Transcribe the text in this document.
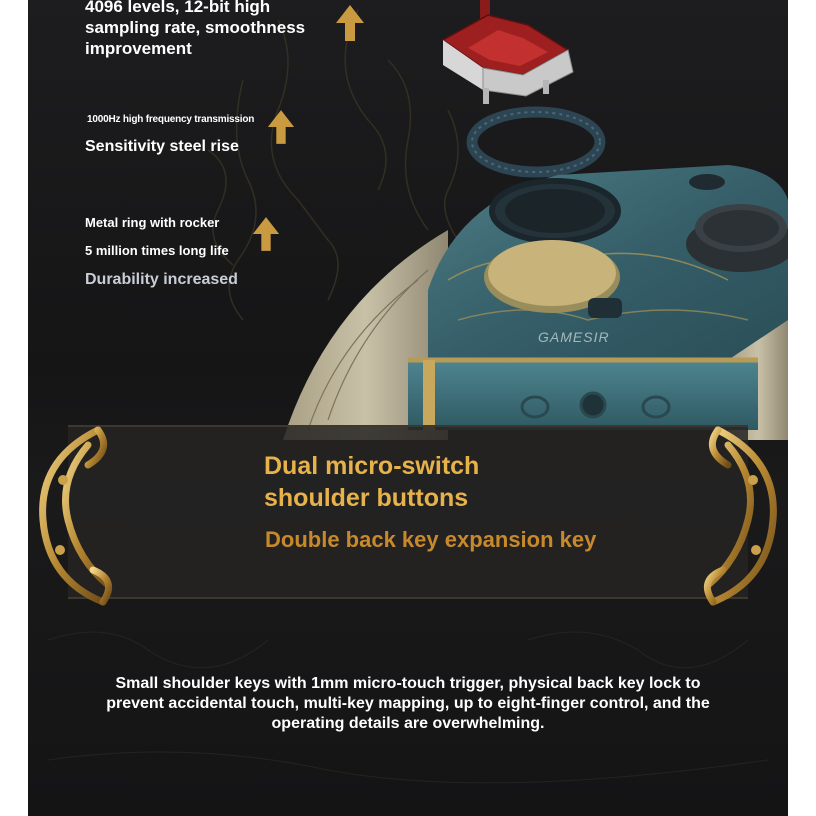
GAMESIR
4096 levels, 12-bit high sampling rate, smoothness improvement
1000Hz high frequency transmission
Sensitivity steel rise
Metal ring with rocker
5 million times long life
Durability increased
Dual micro-switch shoulder buttons
Double back key expansion key
Small shoulder keys with 1mm micro-touch trigger, physical back key lock to prevent accidental touch, multi-key mapping, up to eight-finger control, and the operating details are overwhelming.
